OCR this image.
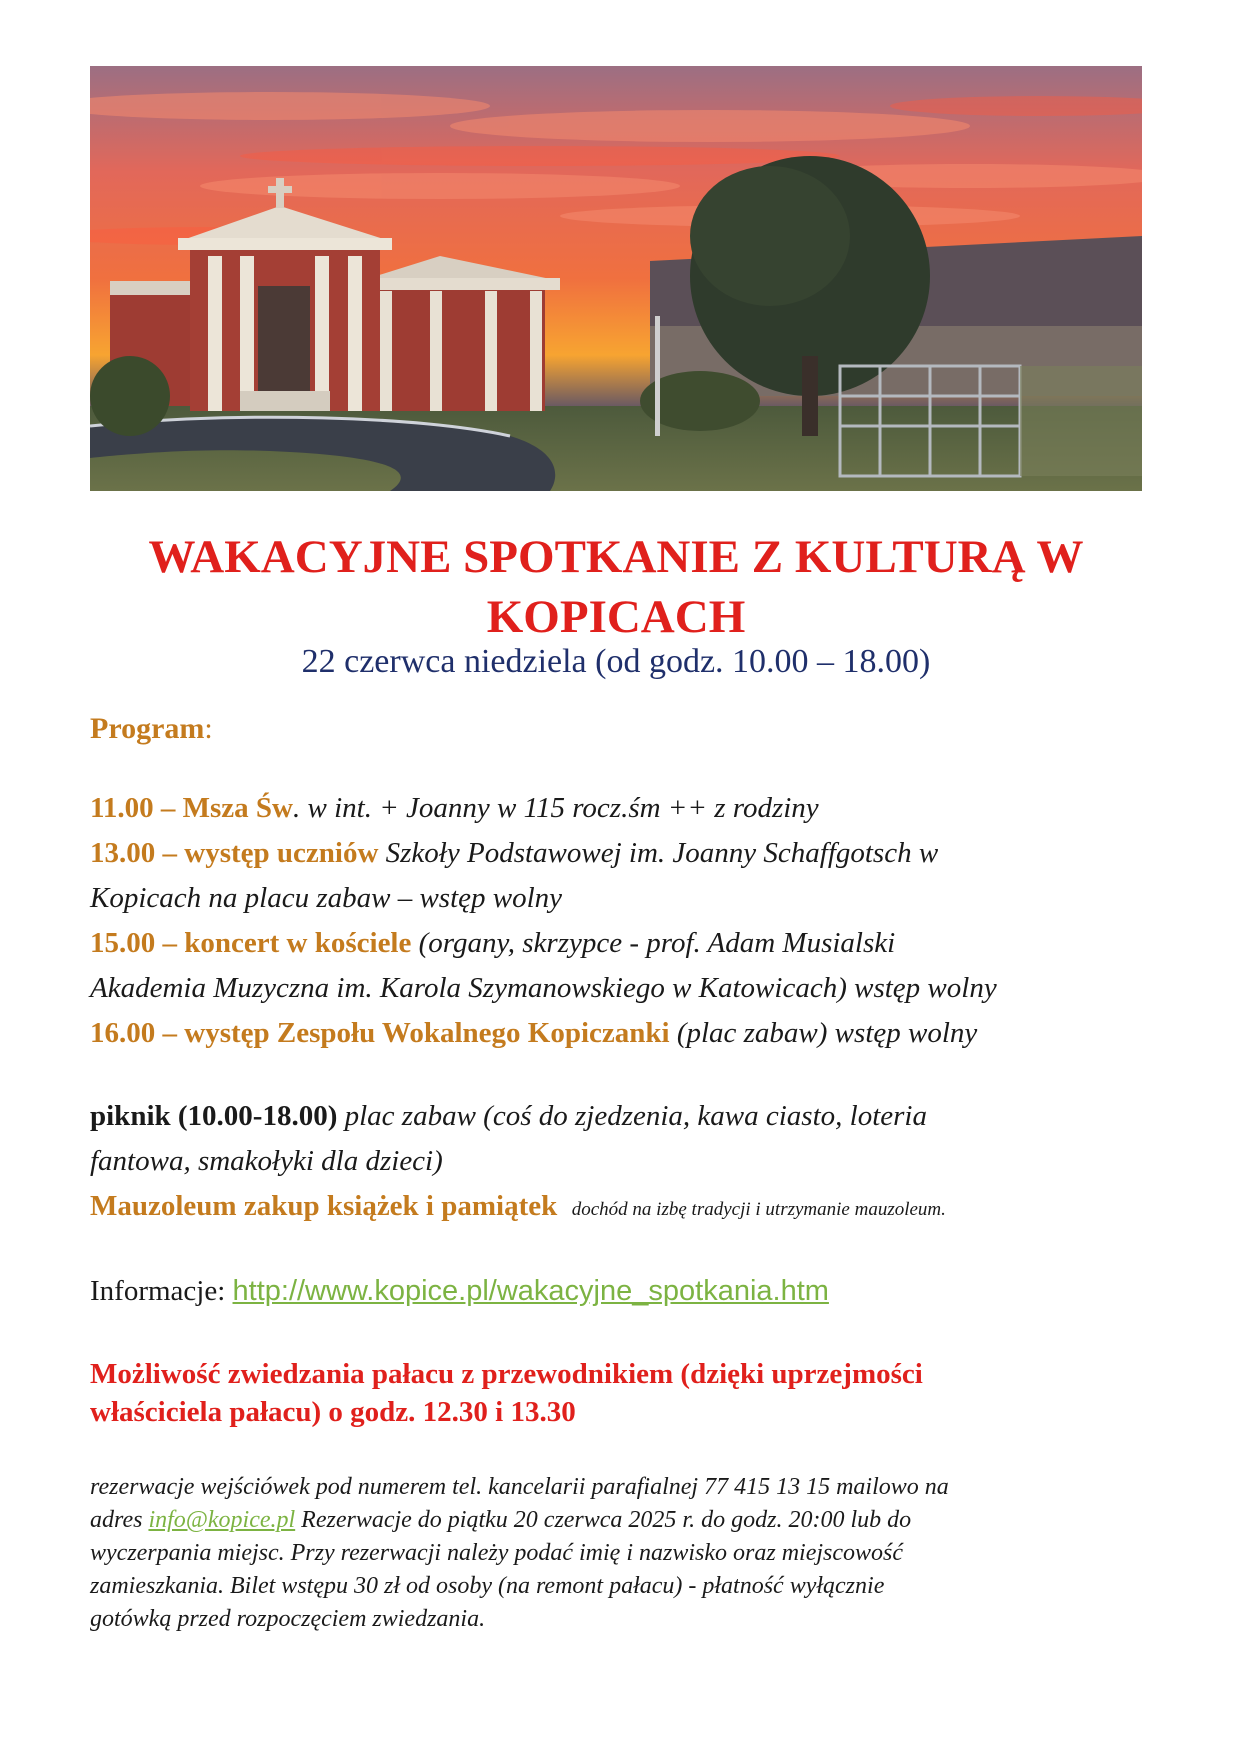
WAKACYJNE SPOTKANIE Z KULTURĄ W
KOPICACH
22 czerwca niedziela (od godz. 10.00 – 18.00)
Program:
11.00 – Msza Św. w int. + Joanny w 115 rocz.śm ++ z rodziny
13.00 – występ uczniów Szkoły Podstawowej im. Joanny Schaffgotsch w
Kopicach na placu zabaw – wstęp wolny
15.00 – koncert w kościele (organy, skrzypce - prof. Adam Musialski
Akademia Muzyczna im. Karola Szymanowskiego w Katowicach) wstęp wolny
16.00 – występ Zespołu Wokalnego Kopiczanki (plac zabaw) wstęp wolny
piknik (10.00-18.00) plac zabaw (coś do zjedzenia, kawa ciasto, loteria
fantowa, smakołyki dla dzieci)
Mauzoleum zakup książek i pamiątek dochód na izbę tradycji i utrzymanie mauzoleum.
Informacje: http://www.kopice.pl/wakacyjne_spotkania.htm
Możliwość zwiedzania pałacu z przewodnikiem (dzięki uprzejmości
właściciela pałacu) o godz. 12.30 i 13.30
rezerwacje wejściówek pod numerem tel. kancelarii parafialnej 77 415 13 15 mailowo na
adres info@kopice.pl Rezerwacje do piątku 20 czerwca 2025 r. do godz. 20:00 lub do
wyczerpania miejsc. Przy rezerwacji należy podać imię i nazwisko oraz miejscowość
zamieszkania. Bilet wstępu 30 zł od osoby (na remont pałacu) - płatność wyłącznie
gotówką przed rozpoczęciem zwiedzania.
